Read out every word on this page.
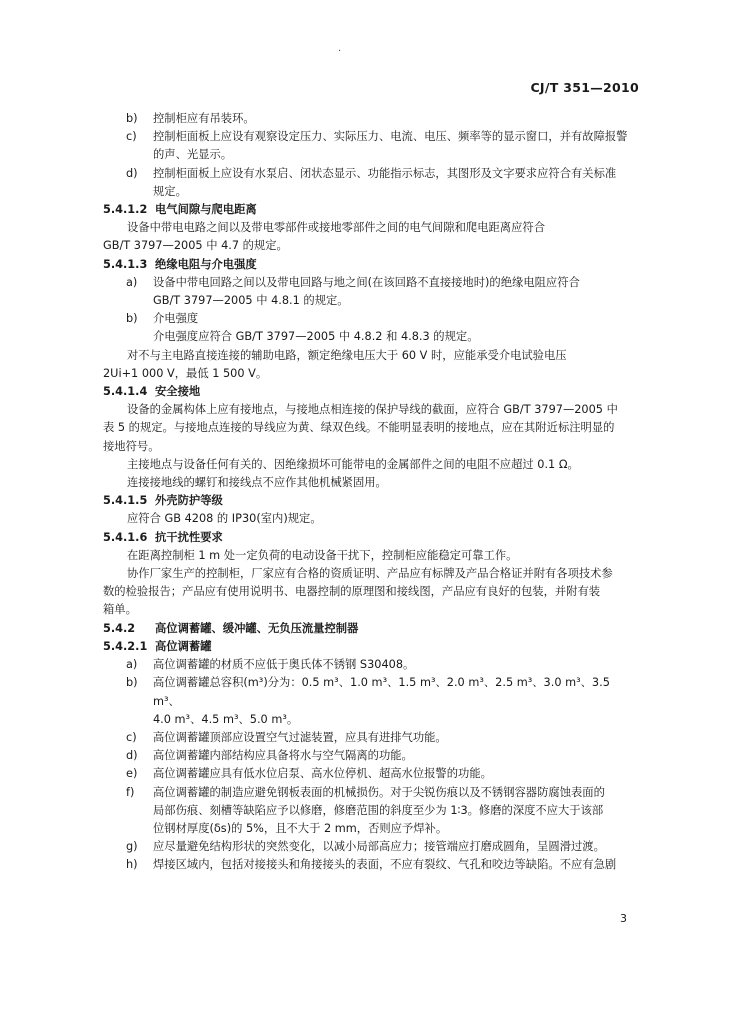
·
CJ/T 351—2010
b)	控制柜应有吊装环。
c)	控制柜面板上应设有观察设定压力、实际压力、电流、电压、频率等的显示窗口，并有故障报警
的声、光显示。
d)	控制柜面板上应设有水泵启、闭状态显示、功能指示标志，其图形及文字要求应符合有关标准
规定。
5.4.1.2 电气间隙与爬电距离
设备中带电电路之间以及带电零部件或接地零部件之间的电气间隙和爬电距离应符合
GB/T 3797—2005 中 4.7 的规定。
5.4.1.3 绝缘电阻与介电强度
a)	设备中带电回路之间以及带电回路与地之间(在该回路不直接接地时)的绝缘电阻应符合
GB/T 3797—2005 中 4.8.1 的规定。
b)	介电强度
介电强度应符合 GB/T 3797—2005 中 4.8.2 和 4.8.3 的规定。
对不与主电路直接连接的辅助电路，额定绝缘电压大于 60 V 时，应能承受介电试验电压
2Ui+1 000 V，最低 1 500 V。
5.4.1.4 安全接地
设备的金属构体上应有接地点，与接地点相连接的保护导线的截面，应符合 GB/T 3797—2005 中
表 5 的规定。与接地点连接的导线应为黄、绿双色线。不能明显表明的接地点，应在其附近标注明显的
接地符号。
主接地点与设备任何有关的、因绝缘损坏可能带电的金属部件之间的电阻不应超过 0.1 Ω。
连接接地线的螺钉和接线点不应作其他机械紧固用。
5.4.1.5 外壳防护等级
应符合 GB 4208 的 IP30(室内)规定。
5.4.1.6 抗干扰性要求
在距离控制柜 1 m 处一定负荷的电动设备干扰下，控制柜应能稳定可靠工作。
协作厂家生产的控制柜，厂家应有合格的资质证明、产品应有标牌及产品合格证并附有各项技术参
数的检验报告；产品应有使用说明书、电器控制的原理图和接线图，产品应有良好的包装，并附有装
箱单。
5.4.2 高位调蓄罐、缓冲罐、无负压流量控制器
5.4.2.1 高位调蓄罐
a)	高位调蓄罐的材质不应低于奥氏体不锈钢 S30408。
b)	高位调蓄罐总容积(m³)分为：0.5 m³、1.0 m³、1.5 m³、2.0 m³、2.5 m³、3.0 m³、3.5 m³、
4.0 m³、4.5 m³、5.0 m³。
c)	高位调蓄罐顶部应设置空气过滤装置，应具有进排气功能。
d)	高位调蓄罐内部结构应具备将水与空气隔离的功能。
e)	高位调蓄罐应具有低水位启泵、高水位停机、超高水位报警的功能。
f)	高位调蓄罐的制造应避免钢板表面的机械损伤。对于尖锐伤痕以及不锈钢容器防腐蚀表面的
局部伤痕、刻槽等缺陷应予以修磨，修磨范围的斜度至少为 1∶3。修磨的深度不应大于该部
位钢材厚度(δs)的 5%，且不大于 2 mm，否则应予焊补。
g)	应尽量避免结构形状的突然变化，以减小局部高应力；接管端应打磨成圆角，呈圆滑过渡。
h)	焊接区域内，包括对接接头和角接接头的表面，不应有裂纹、气孔和咬边等缺陷。不应有急剧
3
